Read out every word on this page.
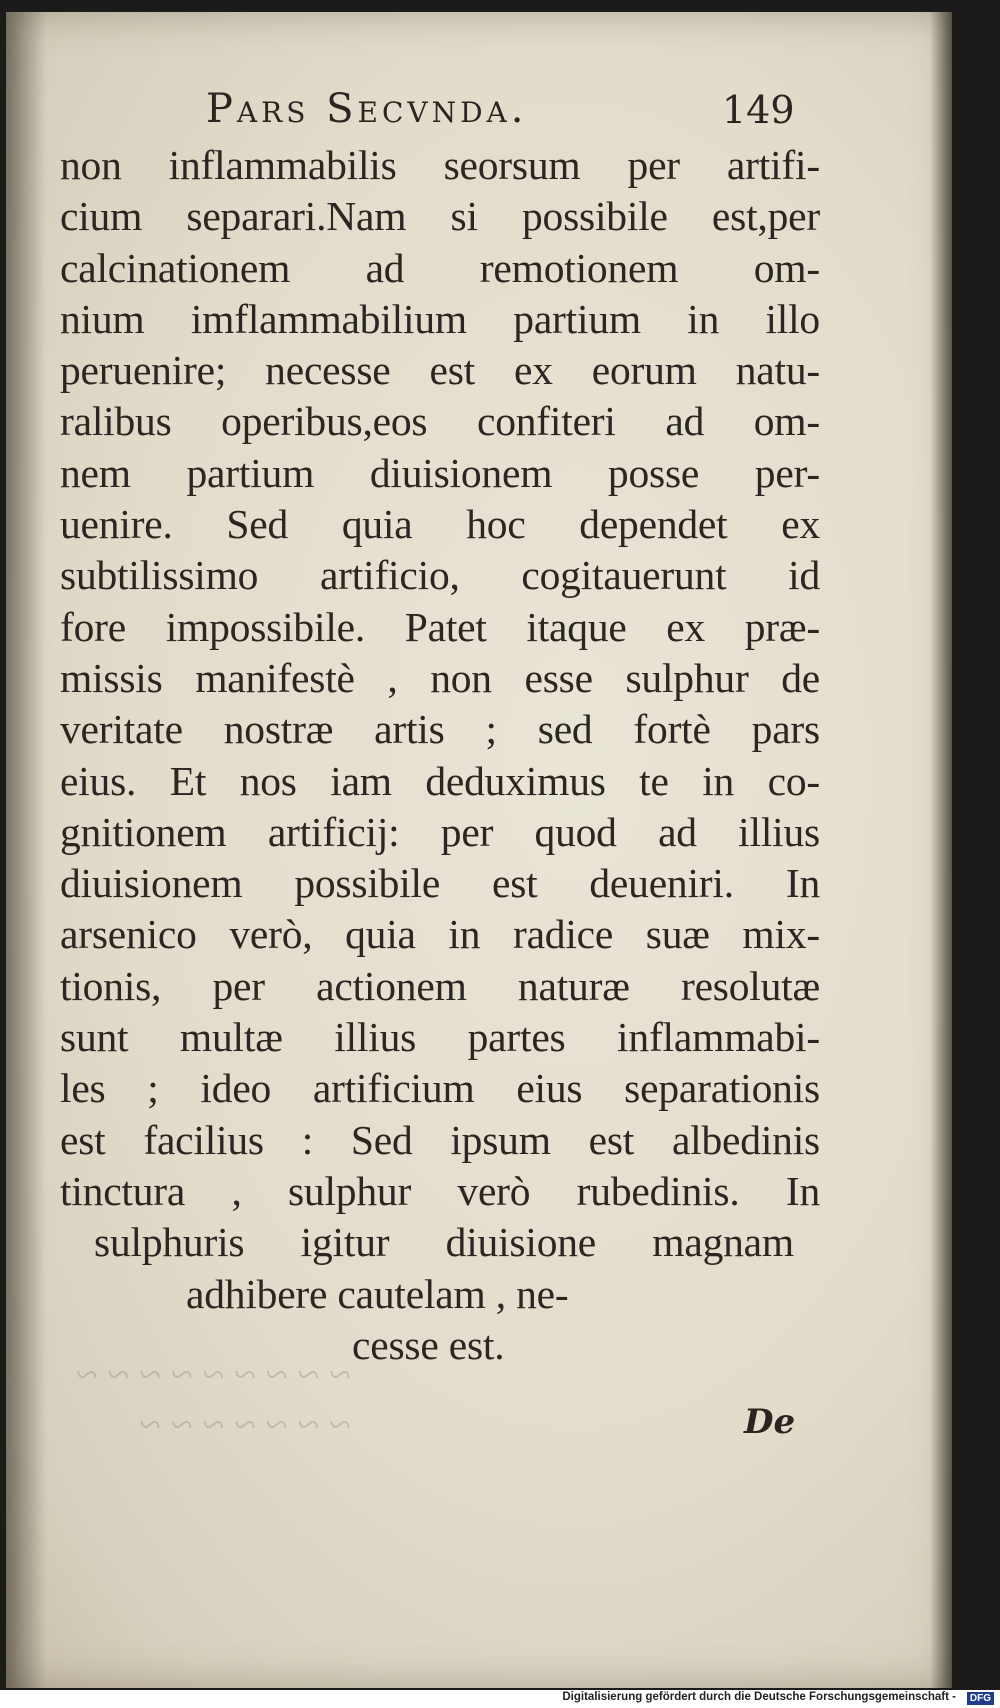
Pars Secvnda.	149
non inflammabilis seorsum per artifi-
cium separari.Nam si possibile est,per
calcinationem ad remotionem om-
nium imflammabilium partium in illo
peruenire; necesse est ex eorum natu-
ralibus operibus,eos confiteri ad om-
nem partium diuisionem posse per-
uenire. Sed quia hoc dependet ex
subtilissimo artificio, cogitauerunt id
fore impossibile. Patet itaque ex præ-
missis manifestè , non esse sulphur de
veritate nostræ artis ; sed fortè pars
eius. Et nos iam deduximus te in co-
gnitionem artificij: per quod ad illius
diuisionem possibile est deueniri. In
arsenico verò, quia in radice suæ mix-
tionis, per actionem naturæ resolutæ
sunt multæ illius partes inflammabi-
les ; ideo artificium eius separationis
est facilius : Sed ipsum est albedinis
tinctura , sulphur verò rubedinis. In
sulphuris igitur diuisione magnam
adhibere cautelam , ne-
cesse est.
~ ~ ~ ~ ~ ~ ~ ~ ~
~ ~ ~ ~ ~ ~ ~	De
Digitalisierung gefördert durch die Deutsche Forschungsgemeinschaft -	DFG
